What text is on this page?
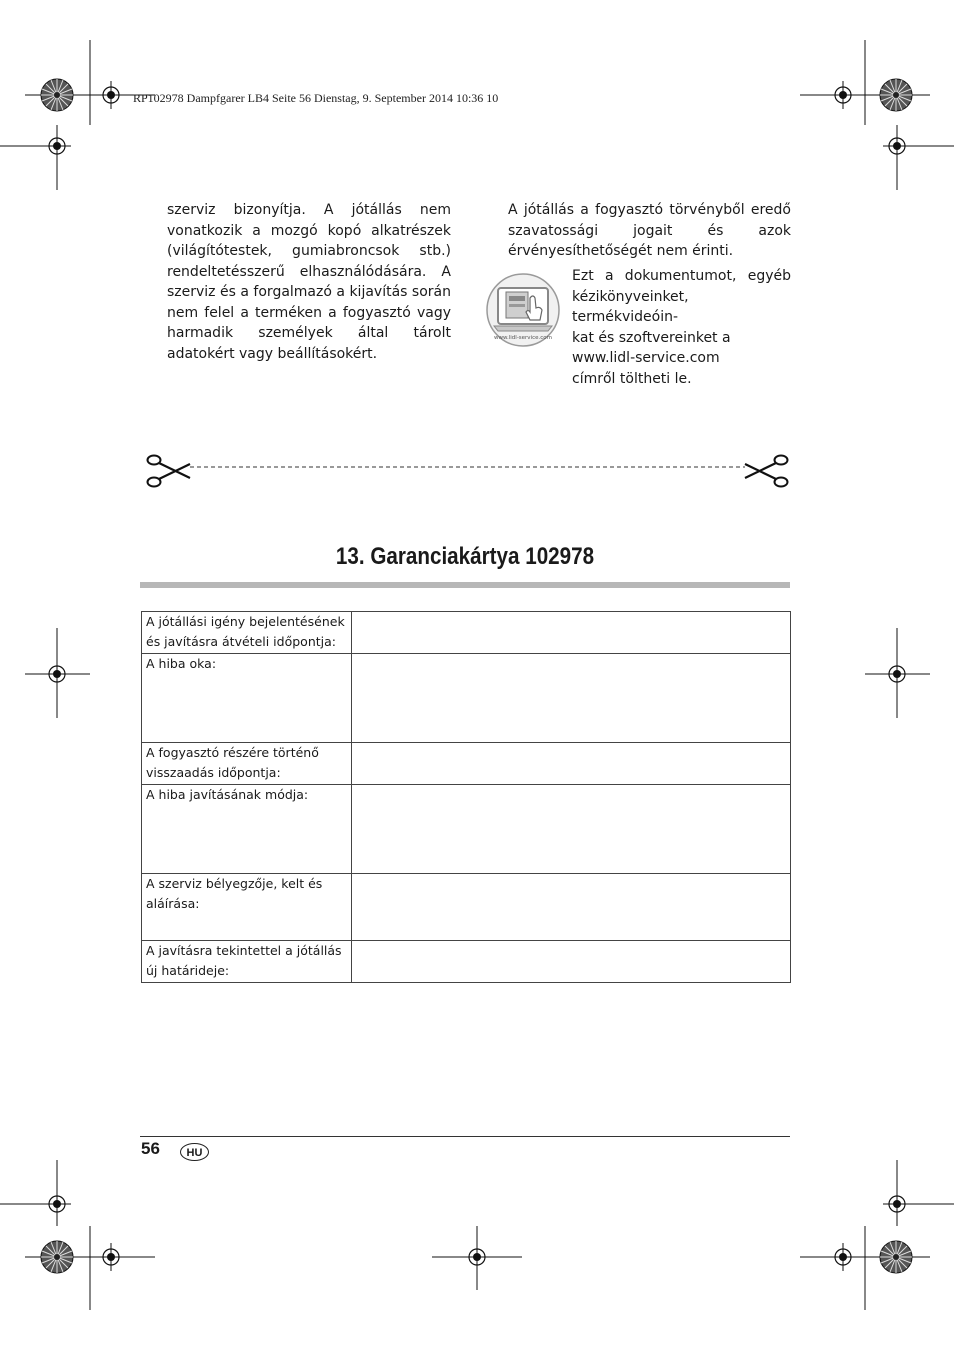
RP102978 Dampfgarer LB4 Seite 56 Dienstag, 9. September 2014 10:36 10
szerviz bizonyítja. A jótállás nem vonatkozik a mozgó kopó alkatrészek (világítótestek, gumiabroncsok stb.) rendeltetésszerű elhasználódására. A szerviz és a forgalmazó a kijavítás során nem felel a terméken a fogyasztó vagy harmadik személyek által tárolt adatokért vagy beállításokért.
A jótállás a fogyasztó törvényből eredő szavatossági jogait és azok érvényesíthetőségét nem érinti.
www.lidl-service.com
Ezt a dokumentumot, egyéb
kézikönyveinket, termékvideóin-
kat és szoftvereinket a
www.lidl-service.com
címről töltheti le.
13. Garanciakártya 102978
A jótállási igény bejelentésének és javításra átvételi időpontja:	
A hiba oka:	
A fogyasztó részére történő visszaadás időpontja:	
A hiba javításának módja:	
A szerviz bélyegzője, kelt és aláírása:	
A javításra tekintettel a jótállás új határideje:	
56	HU
